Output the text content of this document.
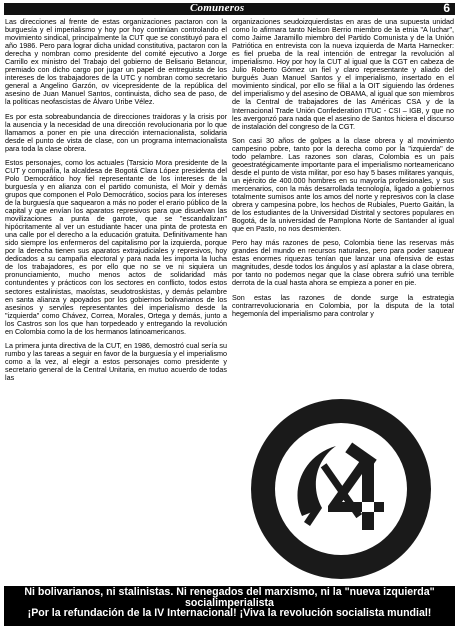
Comuneros	6

Las direcciones al frente de estas organizaciones pactaron con la burguesía y el imperialismo y hoy por hoy continúan controlando el movimiento sindical, principalmente la CUT que se constituyó para el año 1986. Pero para lograr dicha unidad constitutiva, pactaron con la derecha y nombran como presidente del comité ejecutivo a Jorge Carrillo ex ministro del Trabajo del gobierno de Belisario Betancur, premiado con dicho cargo por jugar un papel de entreguista de los intereses de los trabajadores de la UTC y nombran como secretario general a Angelino Garzón, ov vicepresidente de la república del asesino de Juan Manuel Santos, continuista, dicho sea de paso, de la políticas neofascistas de Álvaro Uribe Vélez.

Es por esta sobreabundancia de direcciones traidoras y la crisis por la ausencia y la necesidad de una dirección revolucionaria por lo que llamamos a poner en pie una dirección internacionalista, solidaria desde el punto de vista de clase, con un programa internacionalista para toda la clase obrera.

Estos personajes, como los actuales (Tarsicio Mora presidente de la CUT y compañía, la alcaldesa de Bogotá Clara López presidenta del Polo Democrático hoy fiel representante de los intereses de la burguesía y en alianza con el partido comunista, el Moir y demás grupos que componen el Polo Democrático, socios para los intereses de la burguesía que saquearon a más no poder el erario público de la capital y que envían los aparatos represivos para que disuelvan las movilizaciones a punta de garrote, que se "escandalizan" hipócritamente al ver un estudiante hacer una pinta de protesta en una calle por el derecho a la educación gratuita. Definitivamente han sido siempre los enfermeros del capitalismo por la izquierda, porque por la derecha tienen sus aparatos extrajudiciales y represivos, hoy dedicados a su campaña electoral y para nada les importa la lucha de los trabajadores, es por ello que no se ve ni siquiera un pronunciamiento, mucho menos actos de solidaridad más contundentes y prácticos con los sectores en conflicto, todos estos sectores estalinistas, maoístas, seudotroskistas, y demás pelambre en santa alianza y apoyados por los gobiernos bolivarianos de los asesinos y serviles representantes del imperialismo desde la "izquierda" como Chávez, Correa, Morales, Ortega y demás, junto a los Castros son los que han torpedeado y entregando la revolución en Colombia como la de los hermanos latinoamericanos.

La primera junta directiva de la CUT, en 1986, demostró cual sería su rumbo y las tareas a seguir en favor de la burguesía y el imperialismo como a la vez, al elegir a estos personajes como presidente y secretario general de la Central Unitaria, en mutuo acuerdo de todas las

organizaciones seudoizquierdistas en aras de una supuesta unidad como lo afirmara tanto Nelson Berrio miembro de la etnia "A luchar", como Jaime Jaramillo miembro del Partido Comunista y de la Unión Patriótica en entrevista con la nueva izquierda de Marta Harnecker: es fiel prueba de la real intención de entregar la revolución al imperialismo. Hoy por hoy la CUT al igual que la CGT en cabeza de Julio Roberto Gómez un fiel y claro representante y aliado del burgués Juan Manuel Santos y el imperialismo, insertado en el movimiento sindical, por ello se filial a la OIT siguiendo las órdenes del imperialismo y del asesino de OBAMA, al igual que son miembros de la Central de trabajadores de las Américas CSA y de la Internacional Trade Unión Confederation ITUC - CSI – IGB, y que no les avergonzó para nada que el asesino de Santos hiciera el discurso de instalación del congreso de la CGT.

Son casi 30 años de golpes a la clase obrera y al movimiento campesino pobre, tanto por la derecha como por la "izquierda" de todo pelambre. Las razones son claras, Colombia es un país geoestratégicamente importante para el imperialismo norteamericano desde el punto de vista militar, por eso hay 5 bases militares yanquis, un ejército de 400.000 hombres en su mayoría profesionales, y sus mercenarios, con la más desarrollada tecnología, ligado a gobiernos totalmente sumisos ante los amos del norte y represivos con la clase obrera y campesina pobre, los hechos de Rubiales, Puerto Gaitán, la de los estudiantes de la Universidad Distrital y sectores populares en Bogotá, de la universidad de Pamplona Norte de Santander al igual que en Pasto, no nos desmienten.

Pero hay más razones de peso, Colombia tiene las reservas más grandes del mundo en recursos naturales, pero para poder saquear estas enormes riquezas tenían que lanzar una ofensiva de estas magnitudes, desde todos los ángulos y así aplastar a la clase obrera, por tanto no podemos negar que la clase obrera sufrió una terrible derrota de la cual hasta ahora se empieza a poner en pie.

Son estas las razones de donde surge la estrategia contrarrevolucionaria en Colombia, por la disputa de la total hegemonía del imperialismo para controlar y

Ni bolivarianos, ni stalinistas. Ni renegados del marxismo, ni la "nueva izquierda" socialimperialista
¡Por la refundación de la IV Internacional! ¡Viva la revolución socialista mundial!
